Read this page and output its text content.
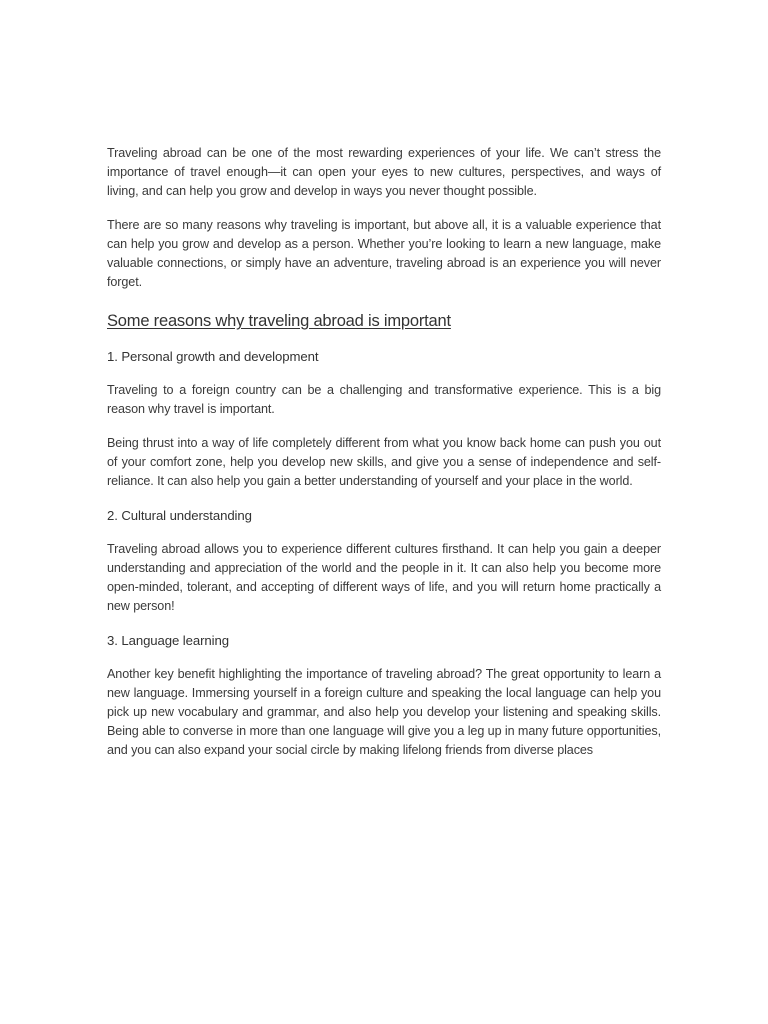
Traveling abroad can be one of the most rewarding experiences of your life. We can’t stress the importance of travel enough—it can open your eyes to new cultures, perspectives, and ways of living, and can help you grow and develop in ways you never thought possible.

There are so many reasons why traveling is important, but above all, it is a valuable experience that can help you grow and develop as a person. Whether you’re looking to learn a new language, make valuable connections, or simply have an adventure, traveling abroad is an experience you will never forget.

Some reasons why traveling abroad is important
1. Personal growth and development

Traveling to a foreign country can be a challenging and transformative experience. This is a big reason why travel is important.

Being thrust into a way of life completely different from what you know back home can push you out of your comfort zone, help you develop new skills, and give you a sense of independence and self-reliance. It can also help you gain a better understanding of yourself and your place in the world.

2. Cultural understanding

Traveling abroad allows you to experience different cultures firsthand. It can help you gain a deeper understanding and appreciation of the world and the people in it. It can also help you become more open-minded, tolerant, and accepting of different ways of life, and you will return home practically a new person!

3. Language learning

Another key benefit highlighting the importance of traveling abroad? The great opportunity to learn a new language. Immersing yourself in a foreign culture and speaking the local language can help you pick up new vocabulary and grammar, and also help you develop your listening and speaking skills. Being able to converse in more than one language will give you a leg up in many future opportunities, and you can also expand your social circle by making lifelong friends from diverse places
